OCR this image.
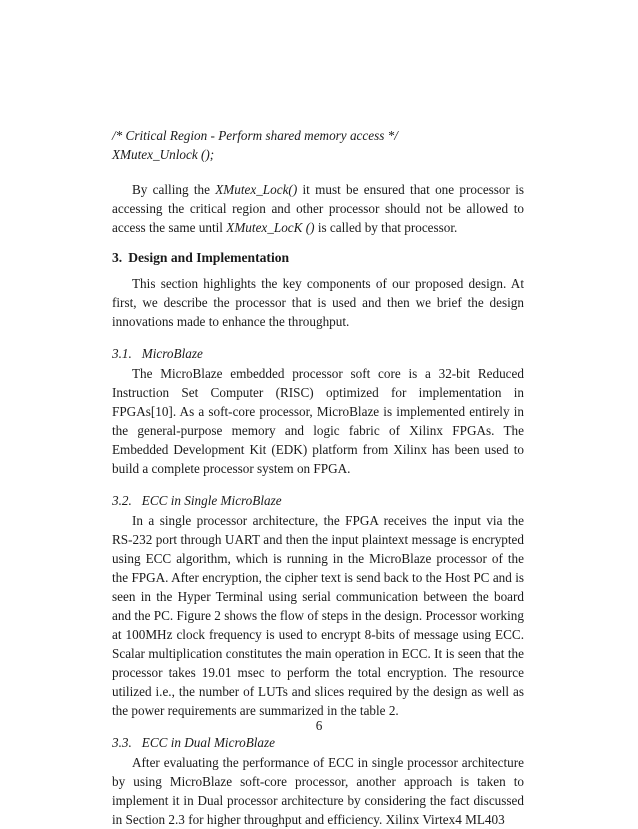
/* Critical Region - Perform shared memory access */

XMutex_Unlock ();

By calling the XMutex_Lock() it must be ensured that one processor is accessing the critical region and other processor should not be allowed to access the same until XMutex_LocK () is called by that processor.

3. Design and Implementation

This section highlights the key components of our proposed design. At first, we describe the processor that is used and then we brief the design innovations made to enhance the throughput.

3.1. MicroBlaze

The MicroBlaze embedded processor soft core is a 32-bit Reduced Instruction Set Computer (RISC) optimized for implementation in FPGAs[10]. As a soft-core processor, MicroBlaze is implemented entirely in the general-purpose memory and logic fabric of Xilinx FPGAs. The Embedded Development Kit (EDK) platform from Xilinx has been used to build a complete processor system on FPGA.

3.2. ECC in Single MicroBlaze

In a single processor architecture, the FPGA receives the input via the RS-232 port through UART and then the input plaintext message is encrypted using ECC algorithm, which is running in the MicroBlaze processor of the the FPGA. After encryption, the cipher text is send back to the Host PC and is seen in the Hyper Terminal using serial communication between the board and the PC. Figure 2 shows the flow of steps in the design. Processor working at 100MHz clock frequency is used to encrypt 8-bits of message using ECC. Scalar multiplication constitutes the main operation in ECC. It is seen that the processor takes 19.01 msec to perform the total encryption. The resource utilized i.e., the number of LUTs and slices required by the design as well as the power requirements are summarized in the table 2.

3.3. ECC in Dual MicroBlaze

After evaluating the performance of ECC in single processor architecture by using MicroBlaze soft-core processor, another approach is taken to implement it in Dual processor architecture by considering the fact discussed in Section 2.3 for higher throughput and efficiency. Xilinx Virtex4 ML403

6
